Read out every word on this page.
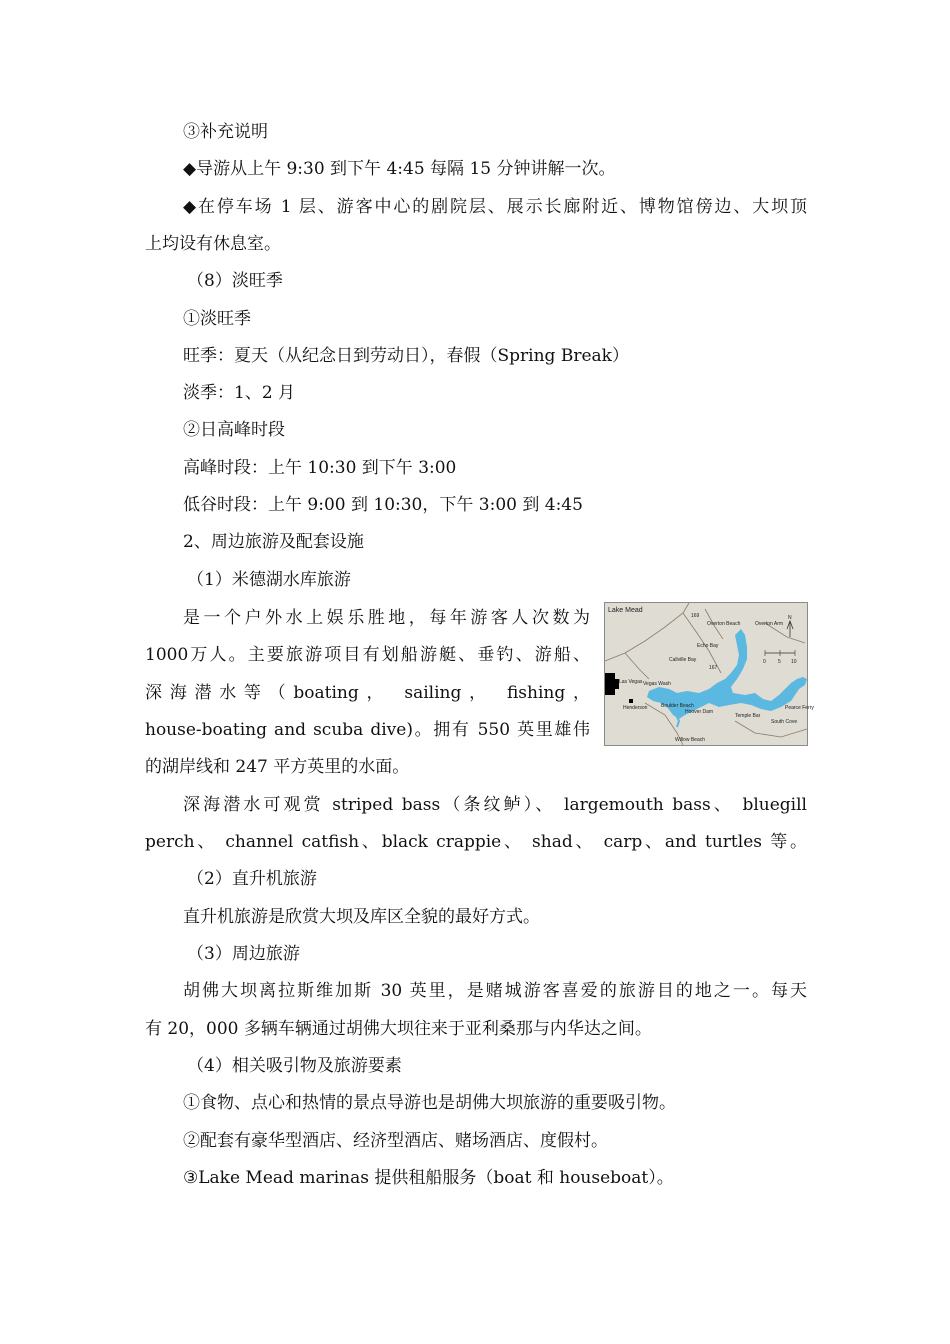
③补充说明
◆导游从上午 9:30 到下午 4:45 每隔 15 分钟讲解一次。
◆在停车场 1 层、游客中心的剧院层、展示长廊附近、博物馆傍边、大坝顶
上均设有休息室。
（8）淡旺季
①淡旺季
旺季：夏天（从纪念日到劳动日），春假（Spring Break）
淡季：1、2 月
②日高峰时段
高峰时段：上午 10:30 到下午 3:00
低谷时段：上午 9:00 到 10:30，下午 3:00 到 4:45
2、周边旅游及配套设施
（1）米德湖水库旅游
是一个户外水上娱乐胜地，每年游客人次数为
1000万人。主要旅游项目有划船游艇、垂钓、游船、
深海潜水等（boating， sailing， fishing，
house-boating and scuba dive)。拥有 550 英里雄伟
的湖岸线和 247 平方英里的水面。
深海潜水可观赏 striped bass（条纹鲈）、 largemouth bass、 bluegill
perch、 channel catfish、black crappie、 shad、 carp、and turtles 等。
（2）直升机旅游
直升机旅游是欣赏大坝及库区全貌的最好方式。
（3）周边旅游
胡佛大坝离拉斯维加斯 30 英里，是赌城游客喜爱的旅游目的地之一。每天
有 20，000 多辆车辆通过胡佛大坝往来于亚利桑那与内华达之间。
（4）相关吸引物及旅游要素
①食物、点心和热情的景点导游也是胡佛大坝旅游的重要吸引物。
②配套有豪华型酒店、经济型酒店、赌场酒店、度假村。
③Lake Mead marinas 提供租船服务（boat 和 houseboat）。
Lake Mead
Las Vegas
Henderson
Vegas Wash
Callville Bay
Echo Bay
Overton Beach	Overton Arm
Boulder Beach
Hoover Dam
Temple Bar
South Cove
Pearce Ferry
Willow Beach
N
0 5 10
169
167
